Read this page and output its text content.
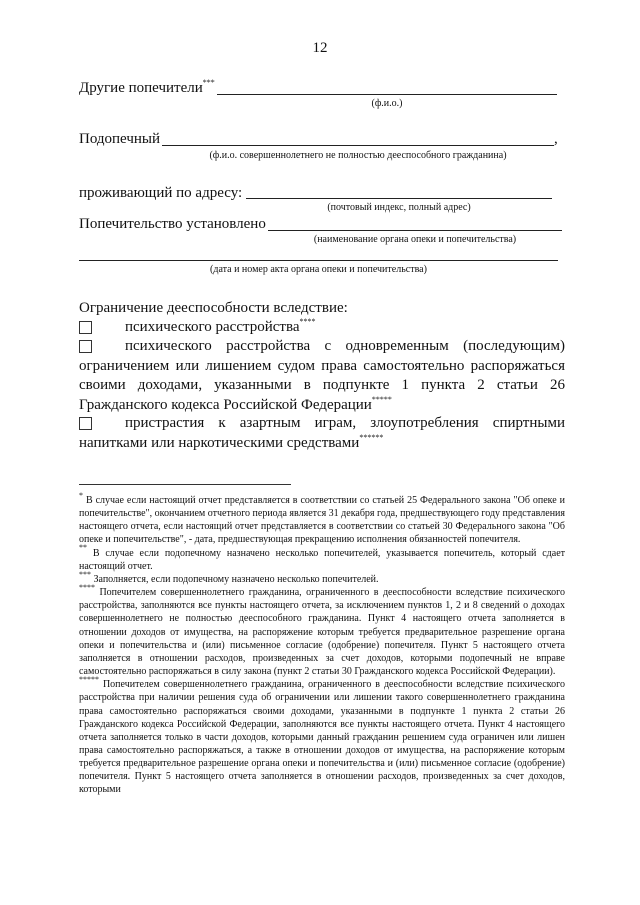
12
Другие попечители***
(ф.и.о.)
Подопечный	,
(ф.и.о. совершеннолетнего не полностью дееспособного гражданина)
проживающий по адресу:
(почтовый индекс, полный адрес)
Попечительство установлено
(наименование органа опеки и попечительства)
(дата и номер акта органа опеки и попечительства)
Ограничение дееспособности вследствие:
психического расстройства****
психического расстройства с одновременным (последующим) ограничением или лишением судом права самостоятельно распоряжаться своими доходами, указанными в подпункте 1 пункта 2 статьи 26 Гражданского кодекса Российской Федерации*****
пристрастия к азартным играм, злоупотребления спиртными напитками или наркотическими средствами******

* В случае если настоящий отчет представляется в соответствии со статьей 25 Федерального закона "Об опеке и попечительстве", окончанием отчетного периода является 31 декабря года, предшествующего году представления настоящего отчета, если настоящий отчет представляется в соответствии со статьей 30 Федерального закона "Об опеке и попечительстве", - дата, предшествующая прекращению исполнения обязанностей попечителя.

** В случае если подопечному назначено несколько попечителей, указывается попечитель, который сдает настоящий отчет.

*** Заполняется, если подопечному назначено несколько попечителей.

**** Попечителем совершеннолетнего гражданина, ограниченного в дееспособности вследствие психического расстройства, заполняются все пункты настоящего отчета, за исключением пунктов 1, 2 и 8 сведений о доходах совершеннолетнего не полностью дееспособного гражданина. Пункт 4 настоящего отчета заполняется в отношении доходов от имущества, на распоряжение которым требуется предварительное разрешение органа опеки и попечительства и (или) письменное согласие (одобрение) попечителя. Пункт 5 настоящего отчета заполняется в отношении расходов, произведенных за счет доходов, которыми подопечный не вправе самостоятельно распоряжаться в силу закона (пункт 2 статьи 30 Гражданского кодекса Российской Федерации).

***** Попечителем совершеннолетнего гражданина, ограниченного в дееспособности вследствие психического расстройства при наличии решения суда об ограничении или лишении такого совершеннолетнего гражданина права самостоятельно распоряжаться своими доходами, указанными в подпункте 1 пункта 2 статьи 26 Гражданского кодекса Российской Федерации, заполняются все пункты настоящего отчета. Пункт 4 настоящего отчета заполняется только в части доходов, которыми данный гражданин решением суда ограничен или лишен права самостоятельно распоряжаться, а также в отношении доходов от имущества, на распоряжение которым требуется предварительное разрешение органа опеки и попечительства и (или) письменное согласие (одобрение) попечителя. Пункт 5 настоящего отчета заполняется в отношении расходов, произведенных за счет доходов, которыми
